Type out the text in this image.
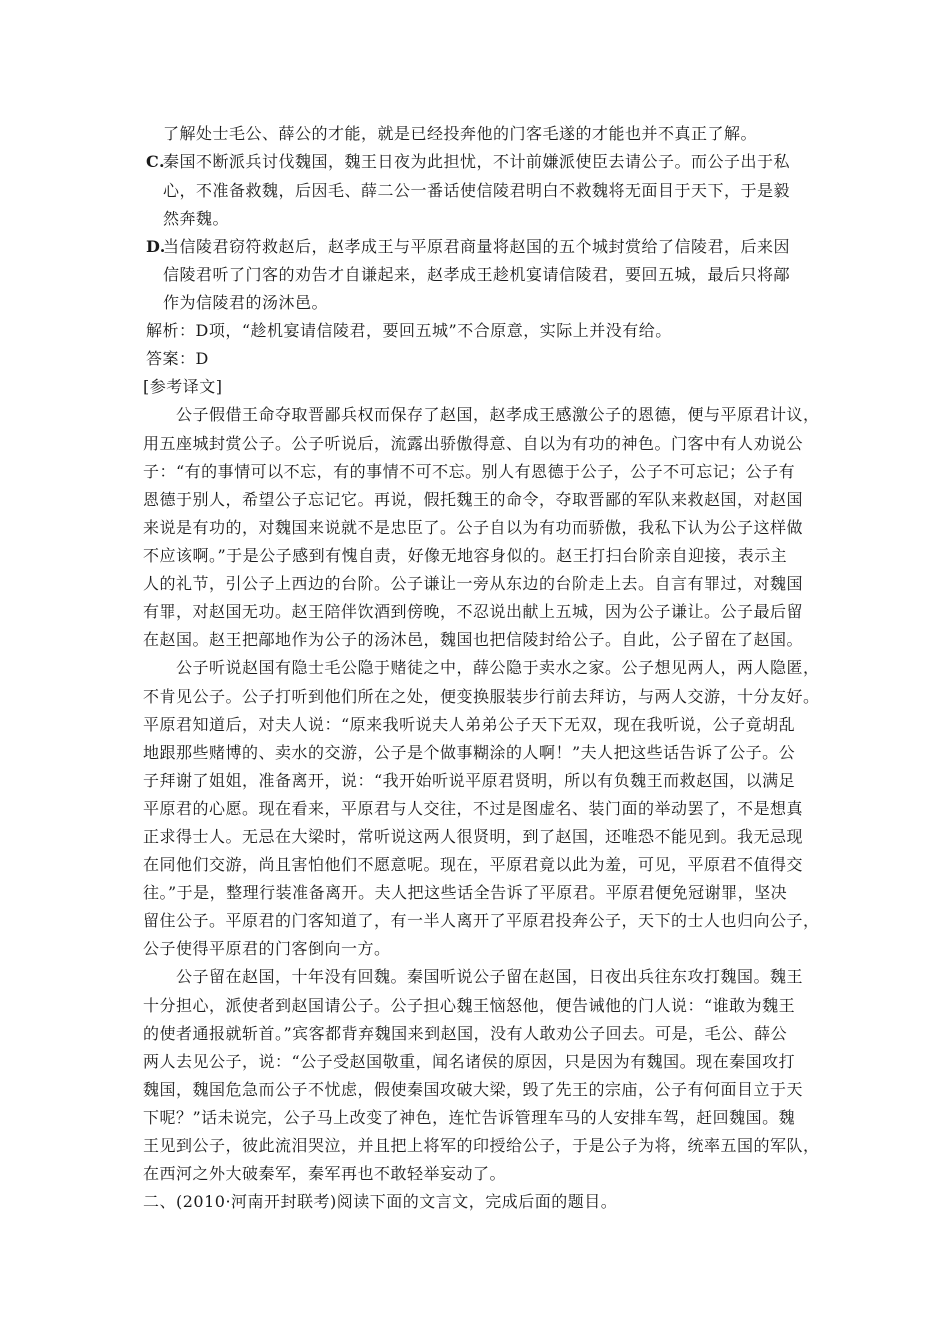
了解处士毛公、薛公的才能，就是已经投奔他的门客毛遂的才能也并不真正了解。
C.
秦国不断派兵讨伐魏国，魏王日夜为此担忧，不计前嫌派使臣去请公子。而公子出于私
心，不准备救魏，后因毛、薛二公一番话使信陵君明白不救魏将无面目于天下，于是毅
然奔魏。
D.
当信陵君窃符救赵后，赵孝成王与平原君商量将赵国的五个城封赏给了信陵君，后来因
信陵君听了门客的劝告才自谦起来，赵孝成王趁机宴请信陵君，要回五城，最后只将鄗
作为信陵君的汤沐邑。
解析：D项，“趁机宴请信陵君，要回五城”不合原意，实际上并没有给。
答案：D
[参考译文]
公子假借王命夺取晋鄙兵权而保存了赵国，赵孝成王感激公子的恩德，便与平原君计议，
用五座城封赏公子。公子听说后，流露出骄傲得意、自以为有功的神色。门客中有人劝说公
子：“有的事情可以不忘，有的事情不可不忘。别人有恩德于公子，公子不可忘记；公子有
恩德于别人，希望公子忘记它。再说，假托魏王的命令，夺取晋鄙的军队来救赵国，对赵国
来说是有功的，对魏国来说就不是忠臣了。公子自以为有功而骄傲，我私下认为公子这样做
不应该啊。”于是公子感到有愧自责，好像无地容身似的。赵王打扫台阶亲自迎接，表示主
人的礼节，引公子上西边的台阶。公子谦让一旁从东边的台阶走上去。自言有罪过，对魏国
有罪，对赵国无功。赵王陪伴饮酒到傍晚，不忍说出献上五城，因为公子谦让。公子最后留
在赵国。赵王把鄗地作为公子的汤沐邑，魏国也把信陵封给公子。自此，公子留在了赵国。
公子听说赵国有隐士毛公隐于赌徒之中，薛公隐于卖水之家。公子想见两人，两人隐匿，
不肯见公子。公子打听到他们所在之处，便变换服装步行前去拜访，与两人交游，十分友好。
平原君知道后，对夫人说：“原来我听说夫人弟弟公子天下无双，现在我听说，公子竟胡乱
地跟那些赌博的、卖水的交游，公子是个做事糊涂的人啊！”夫人把这些话告诉了公子。公
子拜谢了姐姐，准备离开，说：“我开始听说平原君贤明，所以有负魏王而救赵国，以满足
平原君的心愿。现在看来，平原君与人交往，不过是图虚名、装门面的举动罢了，不是想真
正求得士人。无忌在大梁时，常听说这两人很贤明，到了赵国，还唯恐不能见到。我无忌现
在同他们交游，尚且害怕他们不愿意呢。现在，平原君竟以此为羞，可见，平原君不值得交
往。”于是，整理行装准备离开。夫人把这些话全告诉了平原君。平原君便免冠谢罪，坚决
留住公子。平原君的门客知道了，有一半人离开了平原君投奔公子，天下的士人也归向公子，
公子使得平原君的门客倒向一方。
公子留在赵国，十年没有回魏。秦国听说公子留在赵国，日夜出兵往东攻打魏国。魏王
十分担心，派使者到赵国请公子。公子担心魏王恼怒他，便告诫他的门人说：“谁敢为魏王
的使者通报就斩首。”宾客都背弃魏国来到赵国，没有人敢劝公子回去。可是，毛公、薛公
两人去见公子，说：“公子受赵国敬重，闻名诸侯的原因，只是因为有魏国。现在秦国攻打
魏国，魏国危急而公子不忧虑，假使秦国攻破大梁，毁了先王的宗庙，公子有何面目立于天
下呢？”话未说完，公子马上改变了神色，连忙告诉管理车马的人安排车驾，赶回魏国。魏
王见到公子，彼此流泪哭泣，并且把上将军的印授给公子，于是公子为将，统率五国的军队，
在西河之外大破秦军，秦军再也不敢轻举妄动了。
二、(2010·河南开封联考)阅读下面的文言文，完成后面的题目。
